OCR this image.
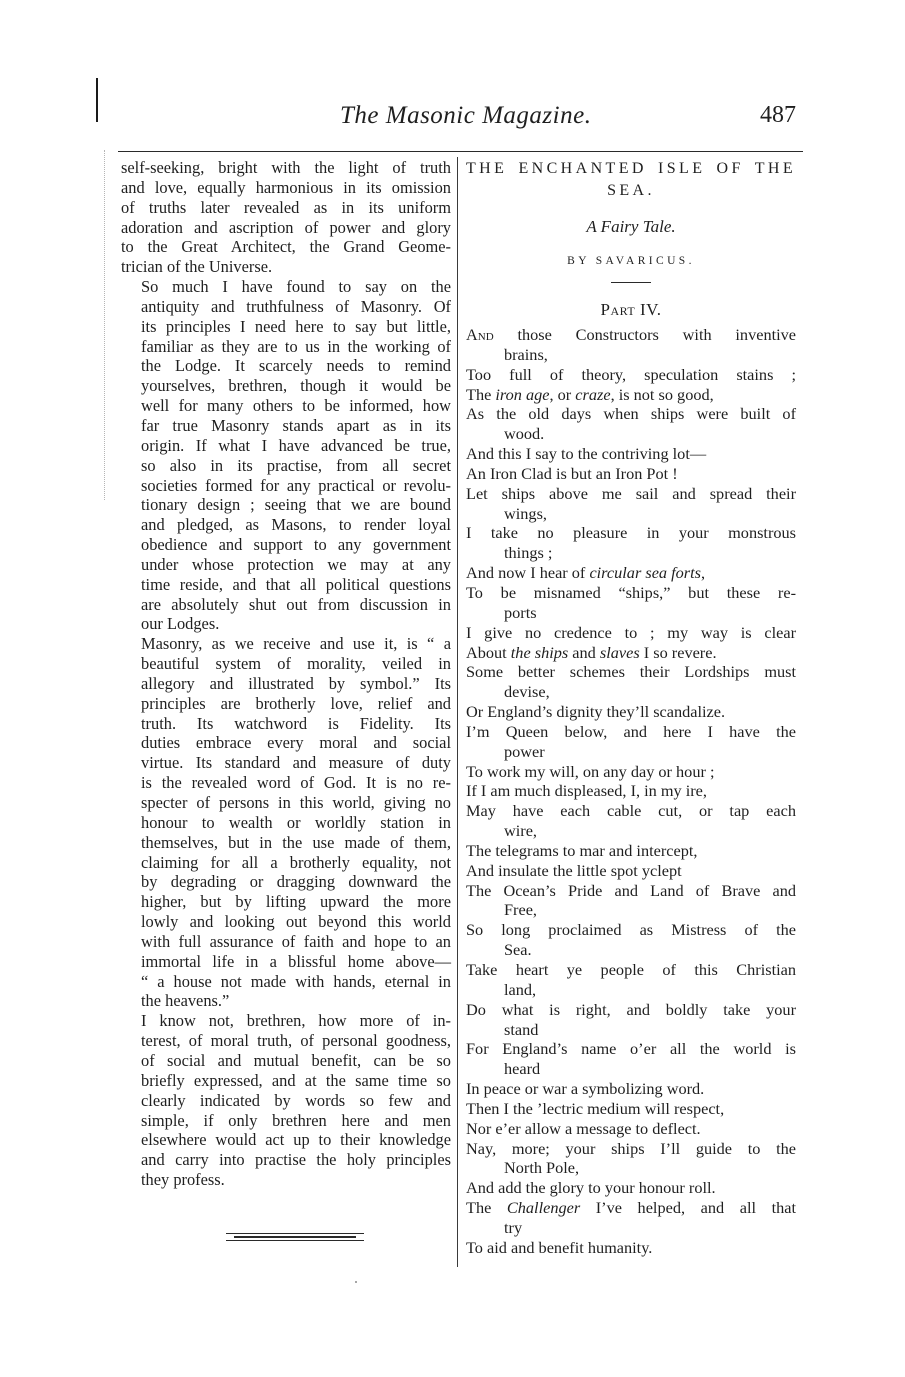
The Masonic Magazine.	487

self-seeking, bright with the light of truth
and love, equally harmonious in its omission
of truths later revealed as in its uniform
adoration and ascription of power and glory
to the Great Architect, the Grand Geome-
trician of the Universe.

So much I have found to say on the
antiquity and truthfulness of Masonry. Of
its principles I need here to say but little,
familiar as they are to us in the working of
the Lodge. It scarcely needs to remind
yourselves, brethren, though it would be
well for many others to be informed, how
far true Masonry stands apart as in its
origin. If what I have advanced be true,
so also in its practise, from all secret
societies formed for any practical or revolu-
tionary design ; seeing that we are bound
and pledged, as Masons, to render loyal
obedience and support to any government
under whose protection we may at any
time reside, and that all political questions
are absolutely shut out from discussion in
our Lodges.

Masonry, as we receive and use it, is “ a
beautiful system of morality, veiled in
allegory and illustrated by symbol.” Its
principles are brotherly love, relief and
truth. Its watchword is Fidelity. Its
duties embrace every moral and social
virtue. Its standard and measure of duty
is the revealed word of God. It is no re-
specter of persons in this world, giving no
honour to wealth or worldly station in
themselves, but in the use made of them,
claiming for all a brotherly equality, not
by degrading or dragging downward the
higher, but by lifting upward the more
lowly and looking out beyond this world
with full assurance of faith and hope to an
immortal life in a blissful home above—
“ a house not made with hands, eternal in
the heavens.”

I know not, brethren, how more of in-
terest, of moral truth, of personal goodness,
of social and mutual benefit, can be so
briefly expressed, and at the same time so
clearly indicated by words so few and
simple, if only brethren here and men
elsewhere would act up to their knowledge
and carry into practise the holy principles
they profess.

THE ENCHANTED ISLE OF THE
SEA.

A Fairy Tale.

BY SAVARICUS.

Part IV.

And those Constructors with inventive
brains,
Too full of theory, speculation stains ;
The iron age, or craze, is not so good,
As the old days when ships were built of
wood.
And this I say to the contriving lot—
An Iron Clad is but an Iron Pot !
Let ships above me sail and spread their
wings,
I take no pleasure in your monstrous
things ;
And now I hear of circular sea forts,
To be misnamed “ships,” but these re-
ports
I give no credence to ; my way is clear
About the ships and slaves I so revere.
Some better schemes their Lordships must
devise,
Or England’s dignity they’ll scandalize.
I’m Queen below, and here I have the
power
To work my will, on any day or hour ;
If I am much displeased, I, in my ire,
May have each cable cut, or tap each
wire,
The telegrams to mar and intercept,
And insulate the little spot yclept
The Ocean’s Pride and Land of Brave and
Free,
So long proclaimed as Mistress of the
Sea.
Take heart ye people of this Christian
land,
Do what is right, and boldly take your
stand
For England’s name o’er all the world is
heard
In peace or war a symbolizing word.
Then I the ’lectric medium will respect,
Nor e’er allow a message to deflect.
Nay, more; your ships I’ll guide to the
North Pole,
And add the glory to your honour roll.
The Challenger I’ve helped, and all that
try
To aid and benefit humanity.
